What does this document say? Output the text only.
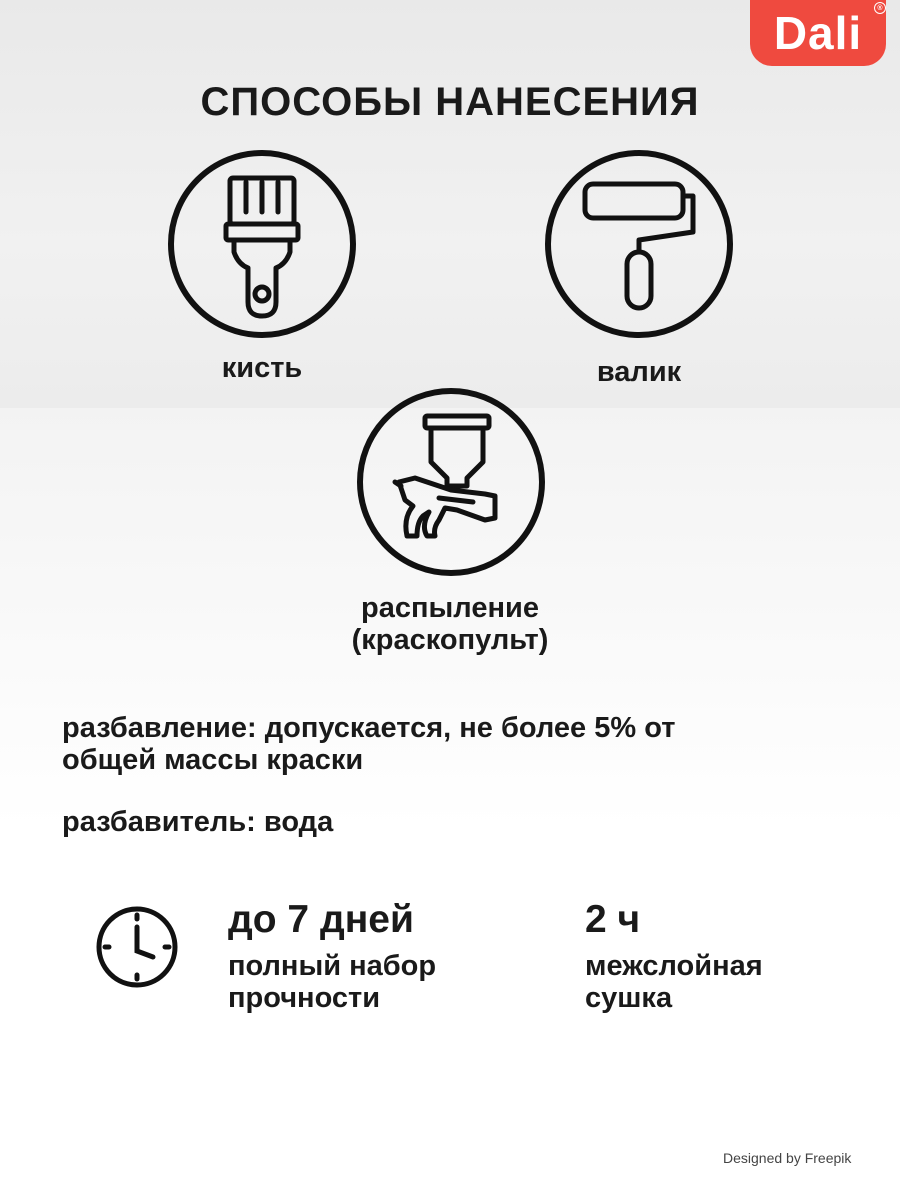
Dali	®
СПОСОБЫ НАНЕСЕНИЯ
кисть	валик
распыление
(краскопульт)
разбавление: допускается, не более 5% от
общей массы краски
разбавитель: вода
до 7 дней
полный набор
прочности
2 ч
межслойная
сушка
Designed by Freepik
